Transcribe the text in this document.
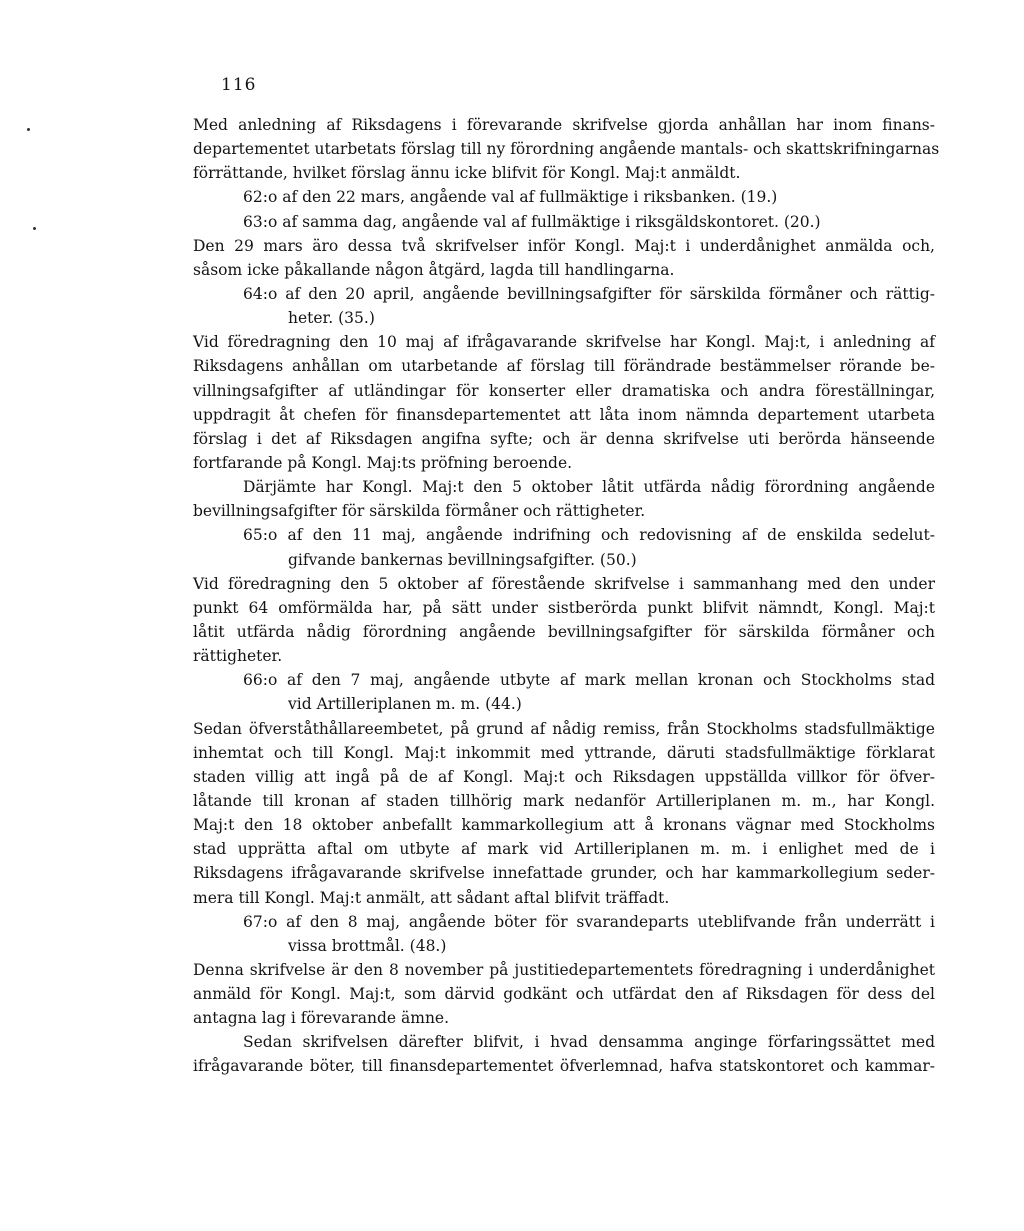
116
Med anledning af Riksdagens i förevarande skrifvelse gjorda anhållan har inom finans-
departementet utarbetats förslag till ny förordning angående mantals- och skattskrifningarnas
förrättande, hvilket förslag ännu icke blifvit för Kongl. Maj:t anmäldt.
62:o af den 22 mars, angående val af fullmäktige i riksbanken. (19.)
63:o af samma dag, angående val af fullmäktige i riksgäldskontoret. (20.)
Den 29 mars äro dessa två skrifvelser inför Kongl. Maj:t i underdånighet anmälda och,
såsom icke påkallande någon åtgärd, lagda till handlingarna.
64:o af den 20 april, angående bevillningsafgifter för särskilda förmåner och rättig-
heter. (35.)
Vid föredragning den 10 maj af ifrågavarande skrifvelse har Kongl. Maj:t, i anledning af
Riksdagens anhållan om utarbetande af förslag till förändrade bestämmelser rörande be-
villningsafgifter af utländingar för konserter eller dramatiska och andra föreställningar,
uppdragit åt chefen för finansdepartementet att låta inom nämnda departement utarbeta
förslag i det af Riksdagen angifna syfte; och är denna skrifvelse uti berörda hänseende
fortfarande på Kongl. Maj:ts pröfning beroende.
Därjämte har Kongl. Maj:t den 5 oktober låtit utfärda nådig förordning angående
bevillningsafgifter för särskilda förmåner och rättigheter.
65:o af den 11 maj, angående indrifning och redovisning af de enskilda sedelut-
gifvande bankernas bevillningsafgifter. (50.)
Vid föredragning den 5 oktober af förestående skrifvelse i sammanhang med den under
punkt 64 omförmälda har, på sätt under sistberörda punkt blifvit nämndt, Kongl. Maj:t
låtit utfärda nådig förordning angående bevillningsafgifter för särskilda förmåner och
rättigheter.
66:o af den 7 maj, angående utbyte af mark mellan kronan och Stockholms stad
vid Artilleriplanen m. m. (44.)
Sedan öfverståthållareembetet, på grund af nådig remiss, från Stockholms stadsfullmäktige
inhemtat och till Kongl. Maj:t inkommit med yttrande, däruti stadsfullmäktige förklarat
staden villig att ingå på de af Kongl. Maj:t och Riksdagen uppställda villkor för öfver-
låtande till kronan af staden tillhörig mark nedanför Artilleriplanen m. m., har Kongl.
Maj:t den 18 oktober anbefallt kammarkollegium att å kronans vägnar med Stockholms
stad upprätta aftal om utbyte af mark vid Artilleriplanen m. m. i enlighet med de i
Riksdagens ifrågavarande skrifvelse innefattade grunder, och har kammarkollegium seder-
mera till Kongl. Maj:t anmält, att sådant aftal blifvit träffadt.
67:o af den 8 maj, angående böter för svarandeparts uteblifvande från underrätt i
vissa brottmål. (48.)
Denna skrifvelse är den 8 november på justitiedepartementets föredragning i underdånighet
anmäld för Kongl. Maj:t, som därvid godkänt och utfärdat den af Riksdagen för dess del
antagna lag i förevarande ämne.
Sedan skrifvelsen därefter blifvit, i hvad densamma anginge förfaringssättet med
ifrågavarande böter, till finansdepartementet öfverlemnad, hafva statskontoret och kammar-
